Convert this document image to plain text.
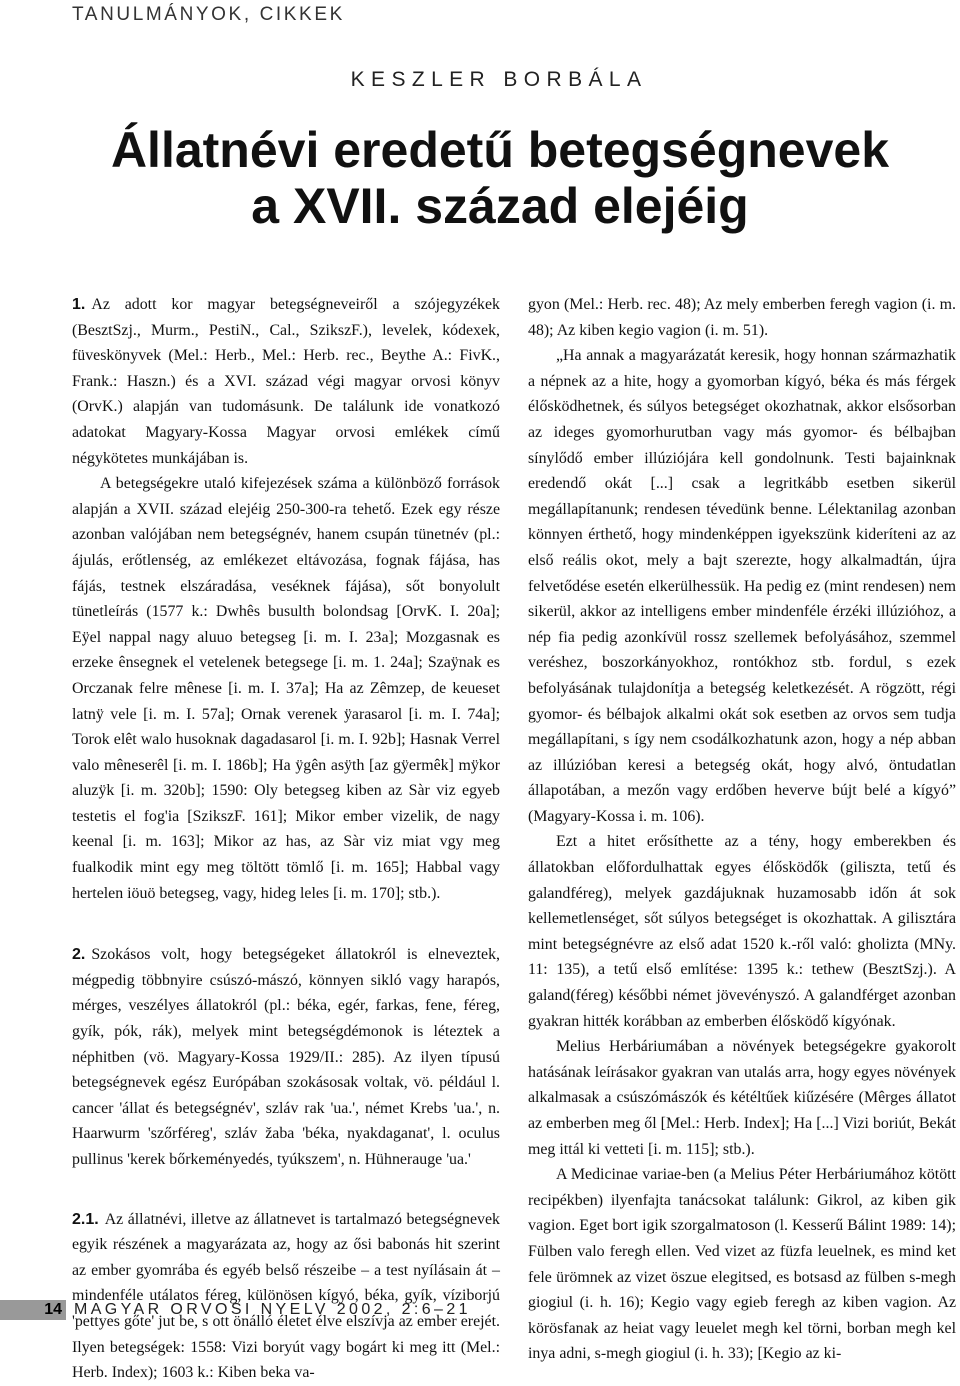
TANULMÁNYOK, CIKKEK
KESZLER BORBÁLA
Állatnévi eredetű betegségnevek
a XVII. század elejéig

1. Az adott kor magyar betegségneveiről a szójegyzékek (BesztSzj., Murm., PestiN., Cal., SzikszF.), levelek, kódexek, füveskönyvek (Mel.: Herb., Mel.: Herb. rec., Beythe A.: FivK., Frank.: Haszn.) és a XVI. század végi magyar orvosi könyv (OrvK.) alapján van tudomásunk. De találunk ide vonatkozó adatokat Magyary-Kossa Magyar orvosi emlékek című négykötetes munkájában is.

A betegségekre utaló kifejezések száma a különböző források alapján a XVII. század elejéig 250-300-ra tehető. Ezek egy része azonban valójában nem betegségnév, hanem csupán tünetnév (pl.: ájulás, erőtlenség, az emlékezet eltávozása, fognak fájása, has fájás, testnek elszáradása, veséknek fájása), sőt bonyolult tünetleírás (1577 k.: Dwhês busulth bolondsag [OrvK. I. 20a]; Eÿel nappal nagy aluuo betegseg [i. m. I. 23a]; Mozgasnak es erzeke ênsegnek el vetelenek betegsege [i. m. 1. 24a]; Szaÿnak es Orczanak felre mênese [i. m. I. 37a]; Ha az Zêmzep, de keueset latnÿ vele [i. m. I. 57a]; Ornak verenek ÿarasarol [i. m. I. 74a]; Torok elêt walo husoknak dagadasarol [i. m. I. 92b]; Hasnak Verrel valo mêneserêl [i. m. I. 186b]; Ha ÿgên asÿth [az gÿermêk] mÿkor aluzÿk [i. m. 320b]; 1590: Oly betegseg kiben az Sàr viz egyeb testetis el fog'ia [SzikszF. 161]; Mikor ember vizelik, de nagy keenal [i. m. 163]; Mikor az has, az Sàr viz miat vgy meg fualkodik mint egy meg töltött tömlő [i. m. 165]; Habbal vagy hertelen iöuö betegseg, vagy, hideg leles [i. m. 170]; stb.).

2. Szokásos volt, hogy betegségeket állatokról is elneveztek, mégpedig többnyire csúszó-mászó, könnyen sikló vagy harapós, mérges, veszélyes állatokról (pl.: béka, egér, farkas, fene, féreg, gyík, pók, rák), melyek mint betegségdémonok is léteztek a néphitben (vö. Magyary-Kossa 1929/II.: 285). Az ilyen típusú betegségnevek egész Európában szokásosak voltak, vö. például l. cancer 'állat és betegségnév', szláv rak 'ua.', német Krebs 'ua.', n. Haarwurm 'szőrféreg', szláv žaba 'béka, nyakdaganat', l. oculus pullinus 'kerek bőrkeményedés, tyúkszem', n. Hühnerauge 'ua.'

2.1. Az állatnévi, illetve az állatnevet is tartalmazó betegségnevek egyik részének a magyarázata az, hogy az ősi babonás hit szerint az ember gyomrába és egyéb belső részeibe – a test nyílásain át – mindenféle utálatos féreg, különösen kígyó, béka, gyík, víziborjú 'pettyes gőte' jut be, s ott önálló életet élve elszívja az ember erejét. Ilyen betegségek: 1558: Vizi boryút vagy bogárt ki meg itt (Mel.: Herb. Index); 1603 k.: Kiben beka va-

gyon (Mel.: Herb. rec. 48); Az mely emberben feregh vagion (i. m. 48); Az kiben kegio vagion (i. m. 51).

„Ha annak a magyarázatát keresik, hogy honnan származhatik a népnek az a hite, hogy a gyomorban kígyó, béka és más férgek élősködhetnek, és súlyos betegséget okozhatnak, akkor elsősorban az ideges gyomorhurutban vagy más gyomor- és bélbajban sínylődő ember illúziójára kell gondolnunk. Testi bajainknak eredendő okát [...] csak a legritkább esetben sikerül megállapítanunk; rendesen tévedünk benne. Lélektanilag azonban könnyen érthető, hogy mindenképpen igyekszünk kideríteni az az első reális okot, mely a bajt szerezte, hogy alkalmadtán, újra felvetődése esetén elkerülhessük. Ha pedig ez (mint rendesen) nem sikerül, akkor az intelligens ember mindenféle érzéki illúzióhoz, a nép fia pedig azonkívül rossz szellemek befolyásához, szemmel veréshez, boszorkányokhoz, rontókhoz stb. fordul, s ezek befolyásának tulajdonítja a betegség keletkezését. A rögzött, régi gyomor- és bélbajok alkalmi okát sok esetben az orvos sem tudja megállapítani, s így nem csodálkozhatunk azon, hogy a nép abban az illúzióban keresi a betegség okát, hogy alvó, öntudatlan állapotában, a mezőn vagy erdőben heverve bújt belé a kígyó” (Magyary-Kossa i. m. 106).

Ezt a hitet erősíthette az a tény, hogy emberekben és állatokban előfordulhattak egyes élősködők (giliszta, tetű és galandféreg), melyek gazdájuknak huzamosabb időn át sok kellemetlenséget, sőt súlyos betegséget is okozhattak. A gilisztára mint betegségnévre az első adat 1520 k.-ről való: gholizta (MNy. 11: 135), a tetű első említése: 1395 k.: tethew (BesztSzj.). A galand(féreg) későbbi német jövevényszó. A galandférget azonban gyakran hitték korábban az emberben élősködő kígyónak.

Melius Herbáriumában a növények betegségekre gyakorolt hatásának leírásakor gyakran van utalás arra, hogy egyes növények alkalmasak a csúszómászók és kétéltűek kiűzésére (Mêrges állatot az emberben meg ől [Mel.: Herb. Index]; Ha [...] Vizi boriút, Bekát meg ittál ki vetteti [i. m. 115]; stb.).

A Medicinae variae-ben (a Melius Péter Herbáriumához kötött recipékben) ilyenfajta tanácsokat találunk: Gikrol, az kiben gik vagion. Eget bort igik szorgalmatoson (l. Kesserű Bálint 1989: 14); Fülben valo feregh ellen. Ved vizet az füzfa leuelnek, es mind ket fele ürömnek az vizet öszue elegitsed, es botsasd az fülben s-megh giogiul (i. h. 16); Kegio vagy egieb feregh az kiben vagion. Az körösfanak az heiat vagy leuelet megh kel törni, borban megh kel inya adni, s-megh giogiul (i. h. 33); [Kegio az ki-

14 MAGYAR ORVOSI NYELV 2002, 2:6–21
